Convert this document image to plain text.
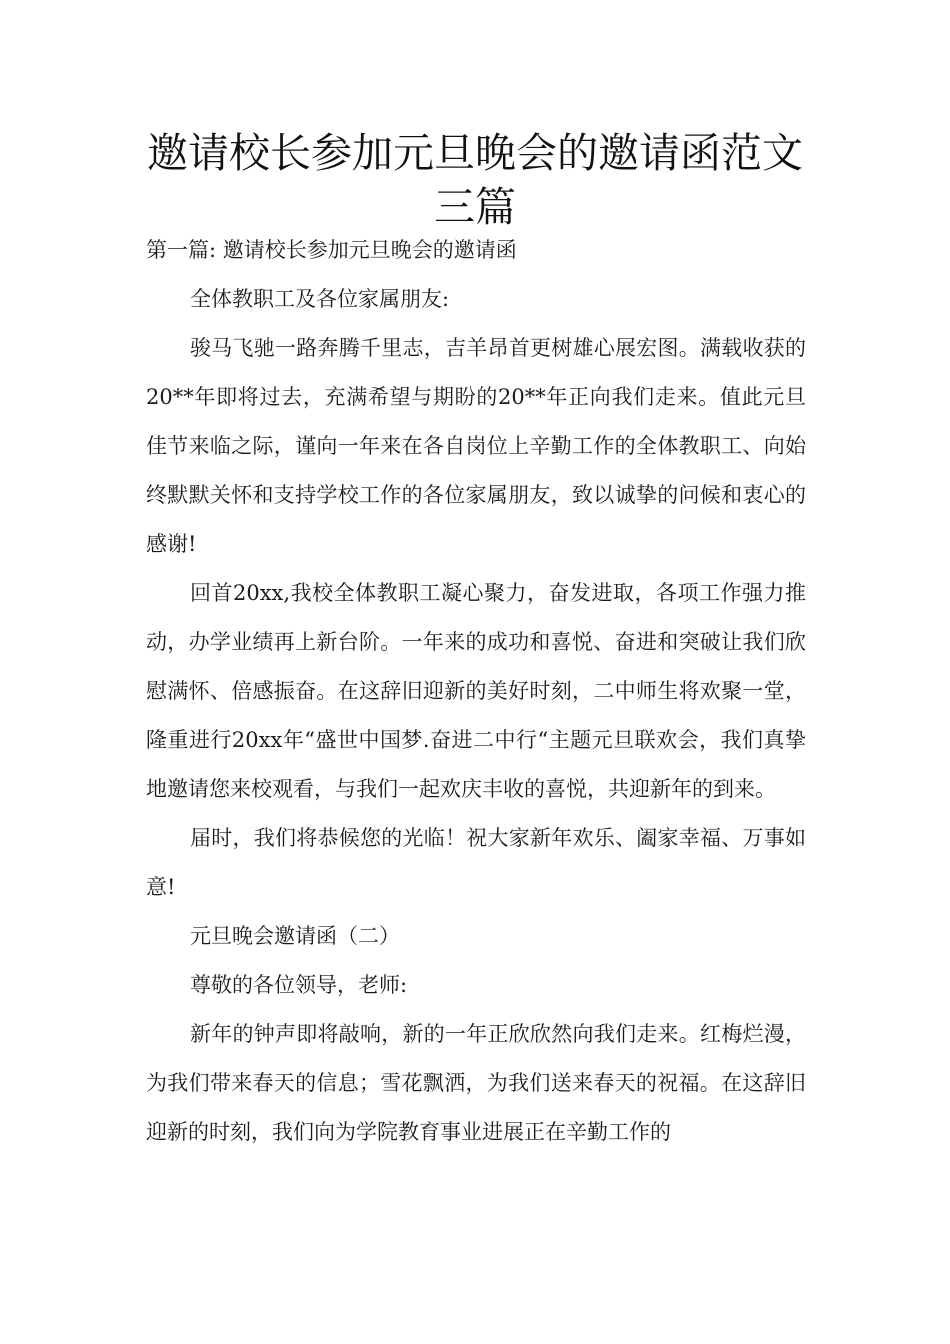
邀请校长参加元旦晚会的邀请函范文三篇

第一篇: 邀请校长参加元旦晚会的邀请函

全体教职工及各位家属朋友:

骏马飞驰一路奔腾千里志，吉羊昂首更树雄心展宏图。满载收获的20**年即将过去，充满希望与期盼的20**年正向我们走来。值此元旦佳节来临之际，谨向一年来在各自岗位上辛勤工作的全体教职工、向始终默默关怀和支持学校工作的各位家属朋友，致以诚挚的问候和衷心的感谢!

回首20xx,我校全体教职工凝心聚力，奋发进取，各项工作强力推动，办学业绩再上新台阶。一年来的成功和喜悦、奋进和突破让我们欣慰满怀、倍感振奋。在这辞旧迎新的美好时刻，二中师生将欢聚一堂，隆重进行20xx年“盛世中国梦.奋进二中行“主题元旦联欢会，我们真挚地邀请您来校观看，与我们一起欢庆丰收的喜悦，共迎新年的到来。

届时，我们将恭候您的光临！祝大家新年欢乐、阖家幸福、万事如意!

元旦晚会邀请函（二）

尊敬的各位领导，老师:

新年的钟声即将敲响，新的一年正欣欣然向我们走来。红梅烂漫，为我们带来春天的信息；雪花飘洒，为我们送来春天的祝福。在这辞旧迎新的时刻，我们向为学院教育事业进展正在辛勤工作的
